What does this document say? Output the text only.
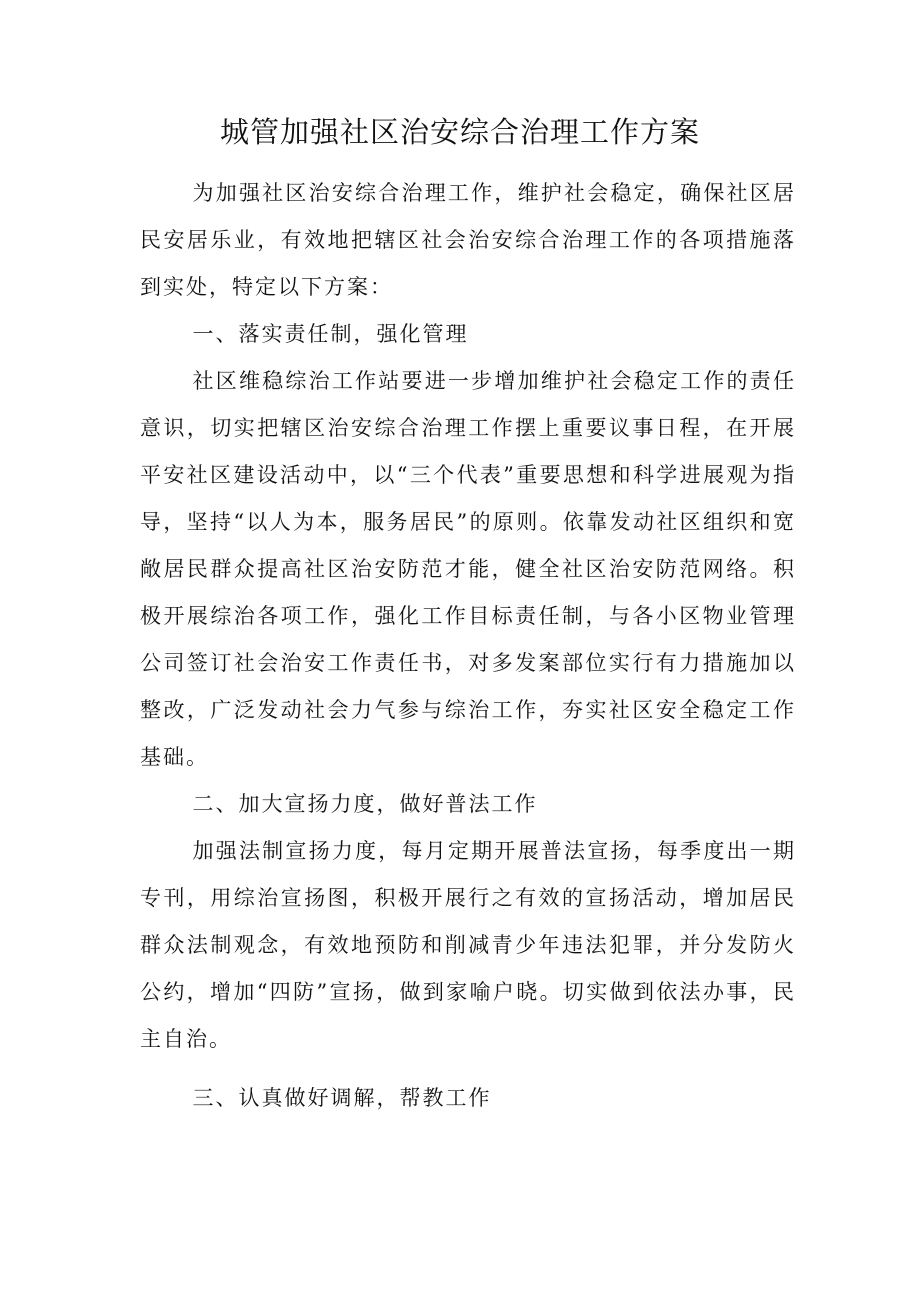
城管加强社区治安综合治理工作方案

为加强社区治安综合治理工作，维护社会稳定，确保社区居民安居乐业，有效地把辖区社会治安综合治理工作的各项措施落到实处，特定以下方案：

一、落实责任制，强化管理

社区维稳综治工作站要进一步增加维护社会稳定工作的责任意识，切实把辖区治安综合治理工作摆上重要议事日程，在开展平安社区建设活动中，以“三个代表”重要思想和科学进展观为指导，坚持“以人为本，服务居民”的原则。依靠发动社区组织和宽敞居民群众提高社区治安防范才能，健全社区治安防范网络。积极开展综治各项工作，强化工作目标责任制，与各小区物业管理公司签订社会治安工作责任书，对多发案部位实行有力措施加以整改，广泛发动社会力气参与综治工作，夯实社区安全稳定工作基础。

二、加大宣扬力度，做好普法工作

加强法制宣扬力度，每月定期开展普法宣扬，每季度出一期专刊，用综治宣扬图，积极开展行之有效的宣扬活动，增加居民群众法制观念，有效地预防和削减青少年违法犯罪，并分发防火公约，增加“四防”宣扬，做到家喻户晓。切实做到依法办事，民主自治。

三、认真做好调解，帮教工作
